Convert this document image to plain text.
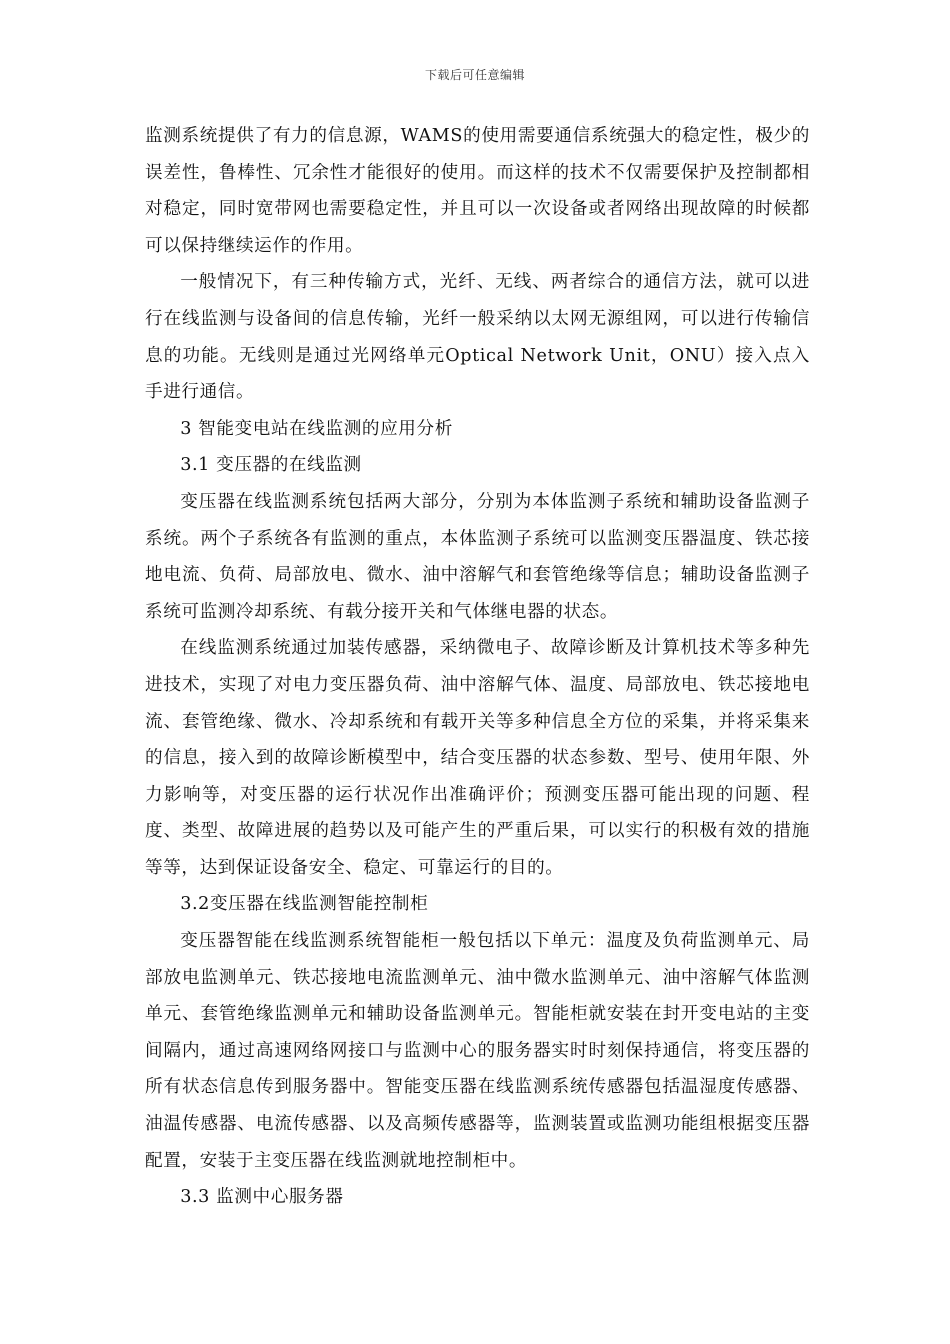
下载后可任意编辑

监测系统提供了有力的信息源，WAMS的使用需要通信系统强大的稳定性，极少的误差性，鲁棒性、冗余性才能很好的使用。而这样的技术不仅需要保护及控制都相对稳定，同时宽带网也需要稳定性，并且可以一次设备或者网络出现故障的时候都可以保持继续运作的作用。

一般情况下，有三种传输方式，光纤、无线、两者综合的通信方法，就可以进行在线监测与设备间的信息传输，光纤一般采纳以太网无源组网，可以进行传输信息的功能。无线则是通过光网络单元Optical Network Unit，ONU）接入点入手进行通信。

3 智能变电站在线监测的应用分析

3.1 变压器的在线监测

变压器在线监测系统包括两大部分，分别为本体监测子系统和辅助设备监测子系统。两个子系统各有监测的重点，本体监测子系统可以监测变压器温度、铁芯接地电流、负荷、局部放电、微水、油中溶解气和套管绝缘等信息；辅助设备监测子系统可监测冷却系统、有载分接开关和气体继电器的状态。

在线监测系统通过加装传感器，采纳微电子、故障诊断及计算机技术等多种先进技术，实现了对电力变压器负荷、油中溶解气体、温度、局部放电、铁芯接地电流、套管绝缘、微水、冷却系统和有载开关等多种信息全方位的采集，并将采集来的信息，接入到的故障诊断模型中，结合变压器的状态参数、型号、使用年限、外力影响等，对变压器的运行状况作出准确评价；预测变压器可能出现的问题、程度、类型、故障进展的趋势以及可能产生的严重后果，可以实行的积极有效的措施等等，达到保证设备安全、稳定、可靠运行的目的。

3.2变压器在线监测智能控制柜

变压器智能在线监测系统智能柜一般包括以下单元：温度及负荷监测单元、局部放电监测单元、铁芯接地电流监测单元、油中微水监测单元、油中溶解气体监测单元、套管绝缘监测单元和辅助设备监测单元。智能柜就安装在封开变电站的主变间隔内，通过高速网络网接口与监测中心的服务器实时时刻保持通信，将变压器的所有状态信息传到服务器中。智能变压器在线监测系统传感器包括温湿度传感器、油温传感器、电流传感器、以及高频传感器等，监测装置或监测功能组根据变压器配置，安装于主变压器在线监测就地控制柜中。

3.3 监测中心服务器
